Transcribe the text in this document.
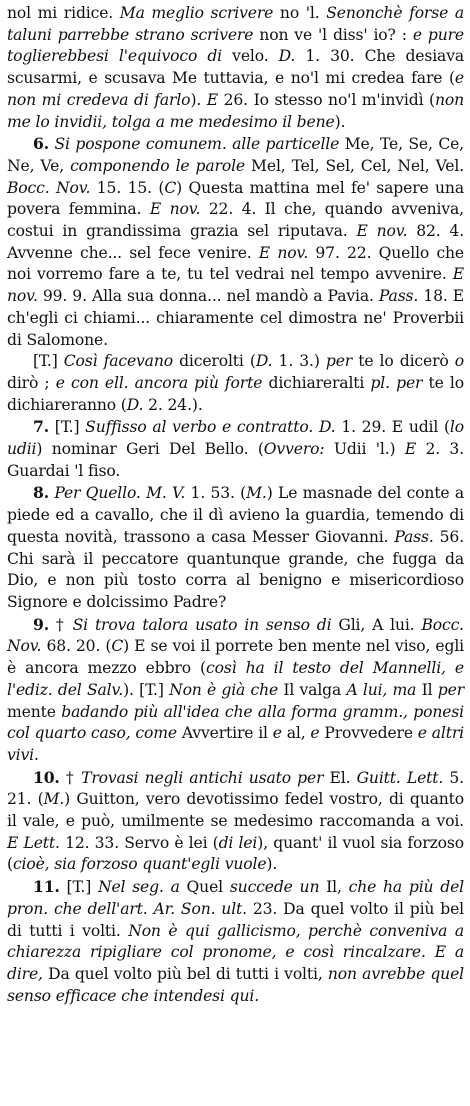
nol mi ridice. Ma meglio scrivere no 'l. Senonchè forse a taluni parrebbe strano scrivere non ve 'l diss' io? : e pure toglierebbesi l'equivoco di velo. D. 1. 30. Che desiava scusarmi, e scusava Me tuttavia, e no'l mi credea fare (e non mi credeva di farlo). E 26. Io stesso no'l m'invidì (non me lo invidii, tolga a me medesimo il bene).

6. Si pospone comunem. alle particelle Me, Te, Se, Ce, Ne, Ve, componendo le parole Mel, Tel, Sel, Cel, Nel, Vel. Bocc. Nov. 15. 15. (C) Questa mattina mel fe' sapere una povera femmina. E nov. 22. 4. Il che, quando avveniva, costui in grandissima grazia sel riputava. E nov. 82. 4. Avvenne che... sel fece venire. E nov. 97. 22. Quello che noi vorremo fare a te, tu tel vedrai nel tempo avvenire. E nov. 99. 9. Alla sua donna... nel mandò a Pavia. Pass. 18. E ch'egli ci chiami... chiaramente cel dimostra ne' Proverbii di Salomone.

[T.] Così facevano dicerolti (D. 1. 3.) per te lo dicerò o dirò ; e con ell. ancora più forte dichiareralti pl. per te lo dichiareranno (D. 2. 24.).

7. [T.] Suffisso al verbo e contratto. D. 1. 29. E udil (lo udii) nominar Geri Del Bello. (Ovvero: Udii 'l.) E 2. 3. Guardai 'l fiso.

8. Per Quello. M. V. 1. 53. (M.) Le masnade del conte a piede ed a cavallo, che il dì avieno la guardia, temendo di questa novità, trassono a casa Messer Giovanni. Pass. 56. Chi sarà il peccatore quantunque grande, che fugga da Dio, e non più tosto corra al benigno e misericordioso Signore e dolcissimo Padre?

9. † Si trova talora usato in senso di Gli, A lui. Bocc. Nov. 68. 20. (C) E se voi il porrete ben mente nel viso, egli è ancora mezzo ebbro (così ha il testo del Mannelli, e l'ediz. del Salv.). [T.] Non è già che Il valga A lui, ma Il per mente badando più all'idea che alla forma gramm., ponesi col quarto caso, come Avvertire il e al, e Provvedere e altri vivi.

10. † Trovasi negli antichi usato per El. Guitt. Lett. 5. 21. (M.) Guitton, vero devotissimo fedel vostro, di quanto il vale, e può, umilmente se medesimo raccomanda a voi. E Lett. 12. 33. Servo è lei (di lei), quant' il vuol sia forzoso (cioè, sia forzoso quant'egli vuole).

11. [T.] Nel seg. a Quel succede un Il, che ha più del pron. che dell'art. Ar. Son. ult. 23. Da quel volto il più bel di tutti i volti. Non è qui gallicismo, perchè conveniva a chiarezza ripigliare col pronome, e così rincalzare. E a dire, Da quel volto più bel di tutti i volti, non avrebbe quel senso efficace che intendesi qui.
